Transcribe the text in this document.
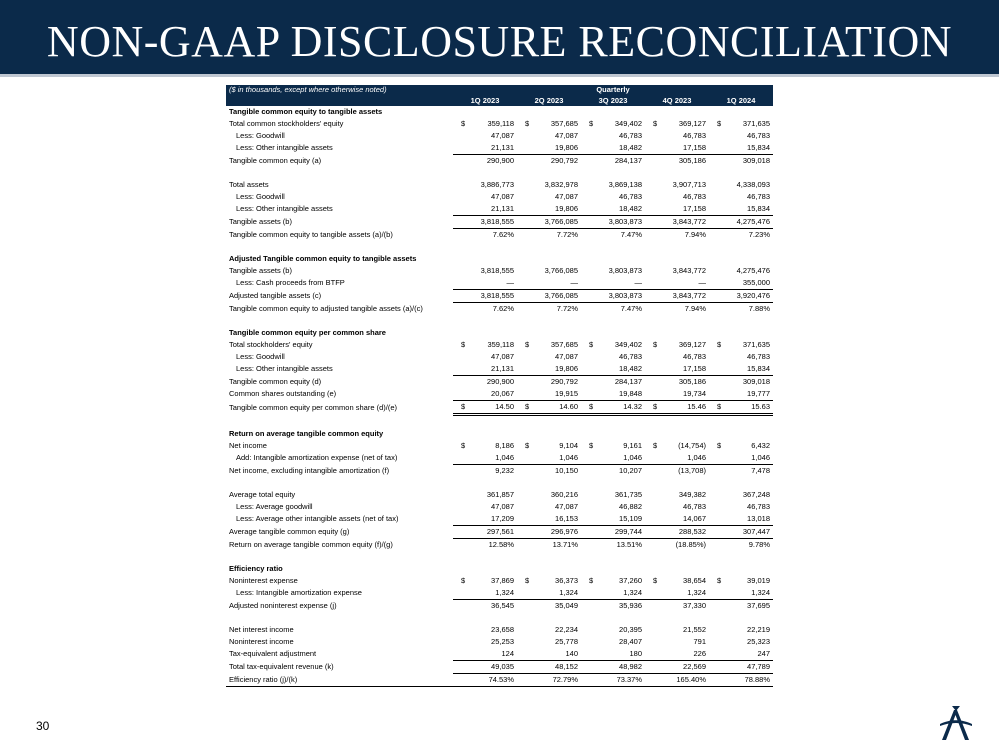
NON-GAAP DISCLOSURE RECONCILIATION
($ in thousands, except where otherwise noted)			Quarterly		
	1Q 2023	2Q 2023	3Q 2023	4Q 2023	1Q 2024
Tangible common equity to tangible assets					
Total common stockholders' equity	$ 359,118	$ 357,685	$ 349,402	$ 369,127	$ 371,635
Less: Goodwill	47,087	47,087	46,783	46,783	46,783
Less: Other intangible assets	21,131	19,806	18,482	17,158	15,834
Tangible common equity (a)	290,900	290,792	284,137	305,186	309,018

Total assets	3,886,773	3,832,978	3,869,138	3,907,713	4,338,093
Less: Goodwill	47,087	47,087	46,783	46,783	46,783
Less: Other intangible assets	21,131	19,806	18,482	17,158	15,834
Tangible assets (b)	3,818,555	3,766,085	3,803,873	3,843,772	4,275,476
Tangible common equity to tangible assets (a)/(b)	7.62%	7.72%	7.47%	7.94%	7.23%

Adjusted Tangible common equity to tangible assets					
Tangible assets (b)	3,818,555	3,766,085	3,803,873	3,843,772	4,275,476
Less: Cash proceeds from BTFP	—	—	—	—	355,000
Adjusted tangible assets (c)	3,818,555	3,766,085	3,803,873	3,843,772	3,920,476
Tangible common equity to adjusted tangible assets (a)/(c)	7.62%	7.72%	7.47%	7.94%	7.88%

Tangible common equity per common share					
Total stockholders' equity	$ 359,118	$ 357,685	$ 349,402	$ 369,127	$ 371,635
Less: Goodwill	47,087	47,087	46,783	46,783	46,783
Less: Other intangible assets	21,131	19,806	18,482	17,158	15,834
Tangible common equity (d)	290,900	290,792	284,137	305,186	309,018
Common shares outstanding (e)	20,067	19,915	19,848	19,734	19,777
Tangible common equity per common share (d)/(e)	$ 14.50	$ 14.60	$ 14.32	$ 15.46	$ 15.63

Return on average tangible common equity					
Net income	$ 8,186	$ 9,104	$ 9,161	$ (14,754)	$ 6,432
Add: Intangible amortization expense (net of tax)	1,046	1,046	1,046	1,046	1,046
Net income, excluding intangible amortization (f)	9,232	10,150	10,207	(13,708)	7,478

Average total equity	361,857	360,216	361,735	349,382	367,248
Less: Average goodwill	47,087	47,087	46,882	46,783	46,783
Less: Average other intangible assets (net of tax)	17,209	16,153	15,109	14,067	13,018
Average tangible common equity (g)	297,561	296,976	299,744	288,532	307,447
Return on average tangible common equity (f)/(g)	12.58%	13.71%	13.51%	(18.85%)	9.78%

Efficiency ratio					
Noninterest expense	$ 37,869	$ 36,373	$ 37,260	$ 38,654	$ 39,019
Less: Intangible amortization expense	1,324	1,324	1,324	1,324	1,324
Adjusted noninterest expense (j)	36,545	35,049	35,936	37,330	37,695

Net interest income	23,658	22,234	20,395	21,552	22,219
Noninterest income	25,253	25,778	28,407	791	25,323
Tax-equivalent adjustment	124	140	180	226	247
Total tax-equivalent revenue (k)	49,035	48,152	48,982	22,569	47,789
Efficiency ratio (j)/(k)	74.53%	72.79%	73.37%	165.40%	78.88%
30
